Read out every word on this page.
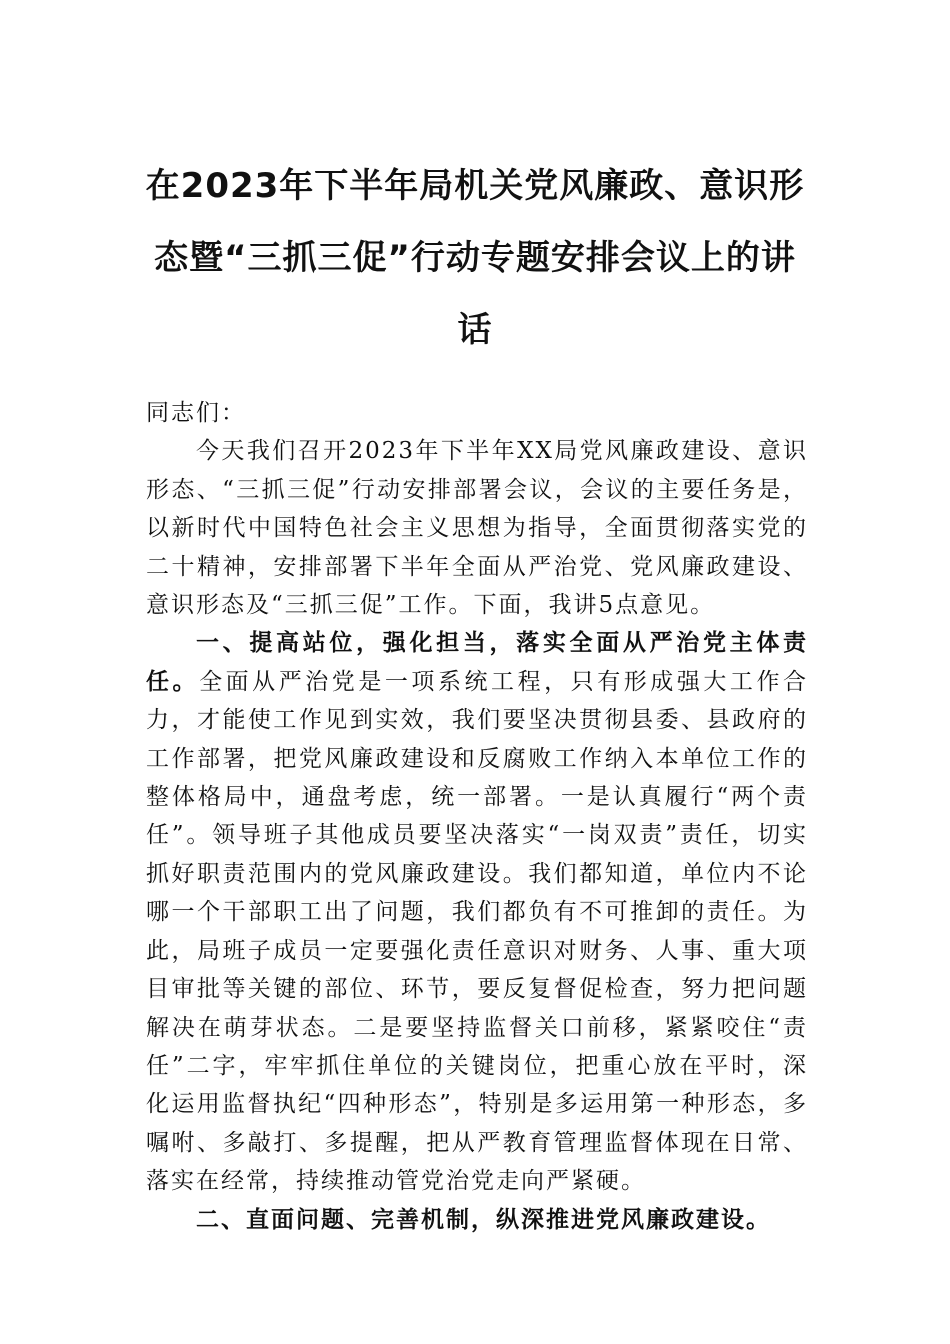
在2023年下半年局机关党风廉政、意识形态暨“三抓三促”行动专题安排会议上的讲话

同志们：

今天我们召开2023年下半年XX局党风廉政建设、意识形态、“三抓三促”行动安排部署会议，会议的主要任务是，以新时代中国特色社会主义思想为指导，全面贯彻落实党的二十精神，安排部署下半年全面从严治党、党风廉政建设、意识形态及“三抓三促”工作。下面，我讲5点意见。

一、提高站位，强化担当，落实全面从严治党主体责任。全面从严治党是一项系统工程，只有形成强大工作合力，才能使工作见到实效，我们要坚决贯彻县委、县政府的工作部署，把党风廉政建设和反腐败工作纳入本单位工作的整体格局中，通盘考虑，统一部署。一是认真履行“两个责任”。领导班子其他成员要坚决落实“一岗双责”责任，切实抓好职责范围内的党风廉政建设。我们都知道，单位内不论哪一个干部职工出了问题，我们都负有不可推卸的责任。为此，局班子成员一定要强化责任意识对财务、人事、重大项目审批等关键的部位、环节，要反复督促检查，努力把问题解决在萌芽状态。二是要坚持监督关口前移，紧紧咬住“责任”二字，牢牢抓住单位的关键岗位，把重心放在平时，深化运用监督执纪“四种形态”，特别是多运用第一种形态，多嘱咐、多敲打、多提醒，把从严教育管理监督体现在日常、落实在经常，持续推动管党治党走向严紧硬。

二、直面问题、完善机制，纵深推进党风廉政建设。
